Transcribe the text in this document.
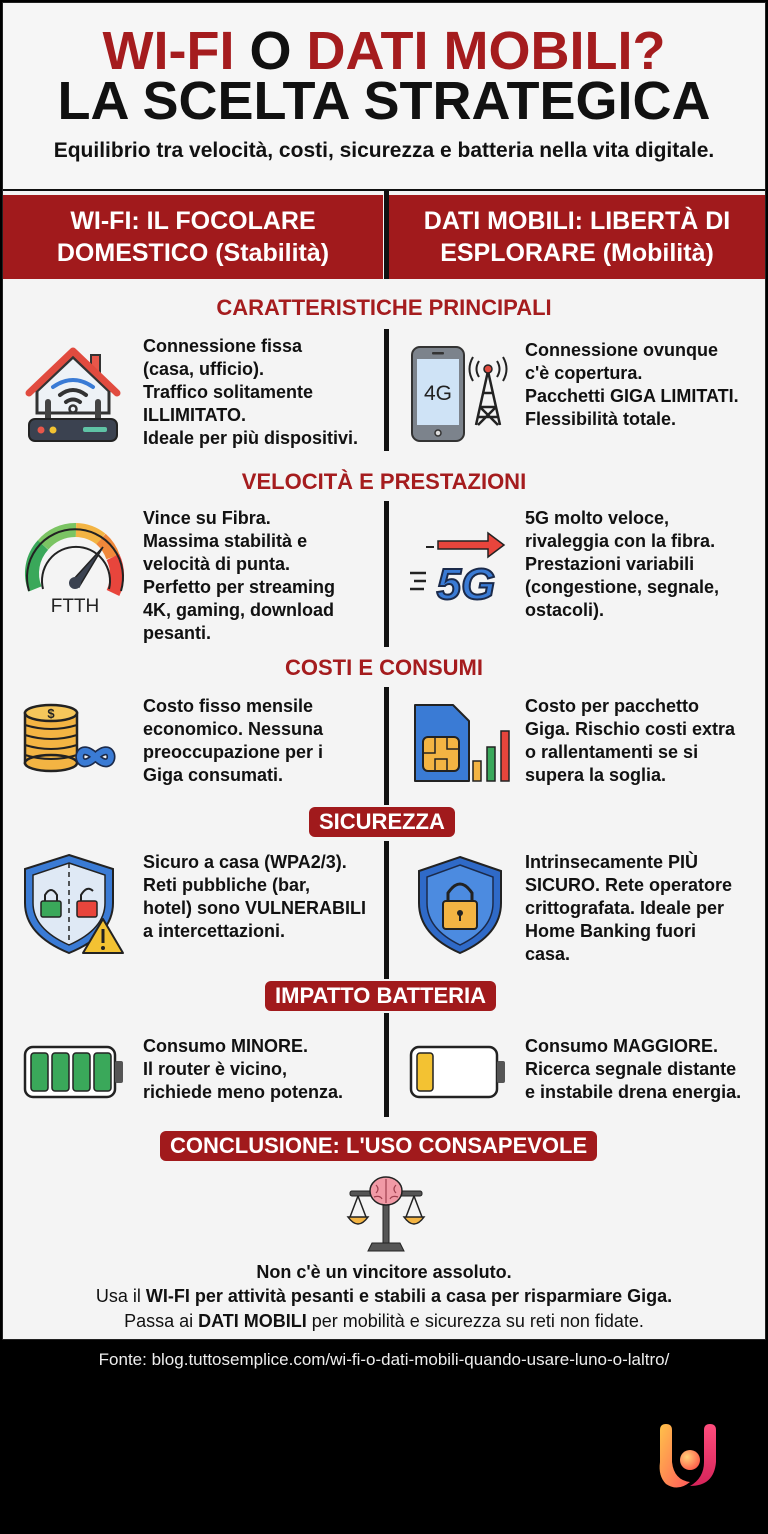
WI-FI O DATI MOBILI?
LA SCELTA STRATEGICA
Equilibrio tra velocità, costi, sicurezza e batteria nella vita digitale.
WI-FI: IL FOCOLARE
DOMESTICO (Stabilità)
DATI MOBILI: LIBERTÀ DI
ESPLORARE (Mobilità)
CARATTERISTICHE PRINCIPALI
Connessione fissa
(casa, ufficio).
Traffico solitamente
ILLIMITATO.
Ideale per più dispositivi.
4G
Connessione ovunque
c'è copertura.
Pacchetti GIGA LIMITATI.
Flessibilità totale.
VELOCITÀ E PRESTAZIONI
FTTH
Vince su Fibra.
Massima stabilità e
velocità di punta.
Perfetto per streaming
4K, gaming, download
pesanti.
5G
5G molto veloce,
rivaleggia con la fibra.
Prestazioni variabili
(congestione, segnale,
ostacoli).
COSTI E CONSUMI
$	Costo fisso mensile
economico. Nessuna
preoccupazione per i
Giga consumati.
Costo per pacchetto
Giga. Rischio costi extra
o rallentamenti se si
supera la soglia.
SICUREZZA
Sicuro a casa (WPA2/3).
Reti pubbliche (bar,
hotel) sono VULNERABILI
a intercettazioni.
Intrinsecamente PIÙ
SICURO. Rete operatore
crittografata. Ideale per
Home Banking fuori
casa.
IMPATTO BATTERIA
Consumo MINORE.
Il router è vicino,
richiede meno potenza.
Consumo MAGGIORE.
Ricerca segnale distante
e instabile drena energia.
CONCLUSIONE: L'USO CONSAPEVOLE
Non c'è un vincitore assoluto.
Usa il WI-FI per attività pesanti e stabili a casa per risparmiare Giga.
Passa ai DATI MOBILI per mobilità e sicurezza su reti non fidate.
Fonte: blog.tuttosemplice.com/wi-fi-o-dati-mobili-quando-usare-luno-o-laltro/
